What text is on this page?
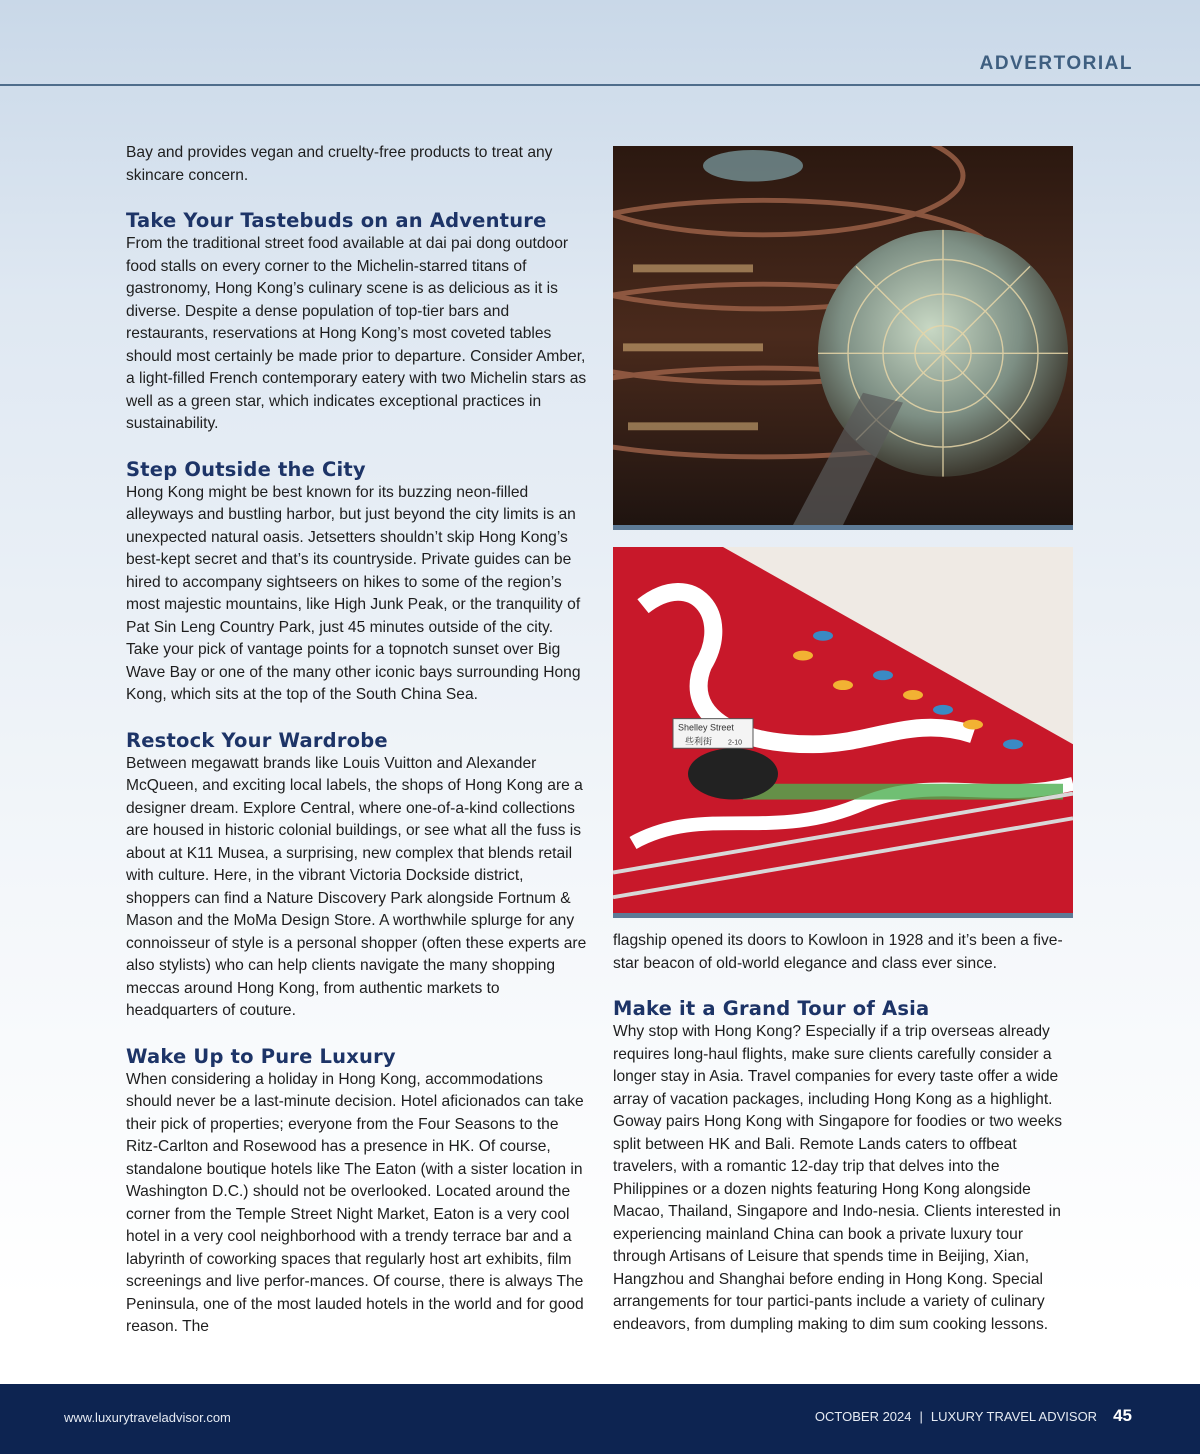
ADVERTORIAL

Bay and provides vegan and cruelty-free products to treat any skincare concern.

Take Your Tastebuds on an Adventure

From the traditional street food available at dai pai dong outdoor food stalls on every corner to the Michelin-starred titans of gastronomy, Hong Kong’s culinary scene is as delicious as it is diverse. Despite a dense population of top-tier bars and restaurants, reservations at Hong Kong’s most coveted tables should most certainly be made prior to departure. Consider Amber, a light-filled French contemporary eatery with two Michelin stars as well as a green star, which indicates exceptional practices in sustainability.

Step Outside the City

Hong Kong might be best known for its buzzing neon-filled alleyways and bustling harbor, but just beyond the city limits is an unexpected natural oasis. Jetsetters shouldn’t skip Hong Kong’s best-kept secret and that’s its countryside. Private guides can be hired to accompany sightseers on hikes to some of the region’s most majestic mountains, like High Junk Peak, or the tranquility of Pat Sin Leng Country Park, just 45 minutes outside of the city. Take your pick of vantage points for a topnotch sunset over Big Wave Bay or one of the many other iconic bays surrounding Hong Kong, which sits at the top of the South China Sea.

Restock Your Wardrobe

Between megawatt brands like Louis Vuitton and Alexander McQueen, and exciting local labels, the shops of Hong Kong are a designer dream. Explore Central, where one-of-a-kind collections are housed in historic colonial buildings, or see what all the fuss is about at K11 Musea, a surprising, new complex that blends retail with culture. Here, in the vibrant Victoria Dockside district, shoppers can find a Nature Discovery Park alongside Fortnum & Mason and the MoMa Design Store. A worthwhile splurge for any connoisseur of style is a personal shopper (often these experts are also stylists) who can help clients navigate the many shopping meccas around Hong Kong, from authentic markets to headquarters of couture.

Wake Up to Pure Luxury

When considering a holiday in Hong Kong, accommodations should never be a last-minute decision. Hotel aficionados can take their pick of properties; everyone from the Four Seasons to the Ritz-Carlton and Rosewood has a presence in HK. Of course, standalone boutique hotels like The Eaton (with a sister location in Washington D.C.) should not be overlooked. Located around the corner from the Temple Street Night Market, Eaton is a very cool hotel in a very cool neighborhood with a trendy terrace bar and a labyrinth of coworking spaces that regularly host art exhibits, film screenings and live perfor-mances. Of course, there is always The Peninsula, one of the most lauded hotels in the world and for good reason. The

Shelley Street
些利街 2-10

flagship opened its doors to Kowloon in 1928 and it’s been a five-star beacon of old-world elegance and class ever since.

Make it a Grand Tour of Asia

Why stop with Hong Kong? Especially if a trip overseas already requires long-haul flights, make sure clients carefully consider a longer stay in Asia. Travel companies for every taste offer a wide array of vacation packages, including Hong Kong as a highlight. Goway pairs Hong Kong with Singapore for foodies or two weeks split between HK and Bali. Remote Lands caters to offbeat travelers, with a romantic 12-day trip that delves into the Philippines or a dozen nights featuring Hong Kong alongside Macao, Thailand, Singapore and Indo-nesia. Clients interested in experiencing mainland China can book a private luxury tour through Artisans of Leisure that spends time in Beijing, Xian, Hangzhou and Shanghai before ending in Hong Kong. Special arrangements for tour partici-pants include a variety of culinary endeavors, from dumpling making to dim sum cooking lessons.

www.luxurytraveladvisor.com	OCTOBER 2024 | LUXURY TRAVEL ADVISOR 45
